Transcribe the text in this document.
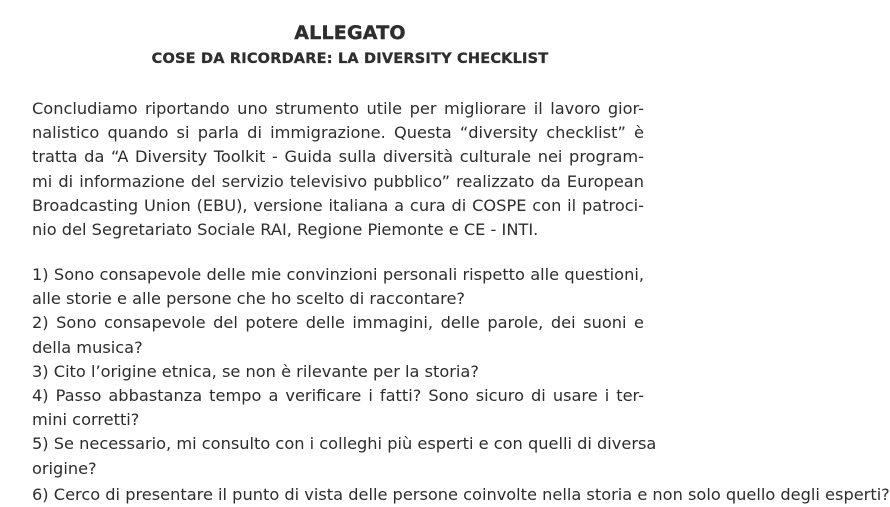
ALLEGATO
COSE DA RICORDARE: LA DIVERSITY CHECKLIST
Concludiamo riportando uno strumento utile per migliorare il lavoro gior-
nalistico quando si parla di immigrazione. Questa “diversity checklist” è
tratta da “A Diversity Toolkit - Guida sulla diversità culturale nei program-
mi di informazione del servizio televisivo pubblico” realizzato da European
Broadcasting Union (EBU), versione italiana a cura di COSPE con il patroci-
nio del Segretariato Sociale RAI, Regione Piemonte e CE - INTI.
1) Sono consapevole delle mie convinzioni personali rispetto alle questioni,
alle storie e alle persone che ho scelto di raccontare?
2) Sono consapevole del potere delle immagini, delle parole, dei suoni e
della musica?
3) Cito l’origine etnica, se non è rilevante per la storia?
4) Passo abbastanza tempo a verificare i fatti? Sono sicuro di usare i ter-
mini corretti?
5) Se necessario, mi consulto con i colleghi più esperti e con quelli di diversa
origine?
6) Cerco di presentare il punto di vista delle persone coinvolte nella storia e non solo quello degli esperti?
